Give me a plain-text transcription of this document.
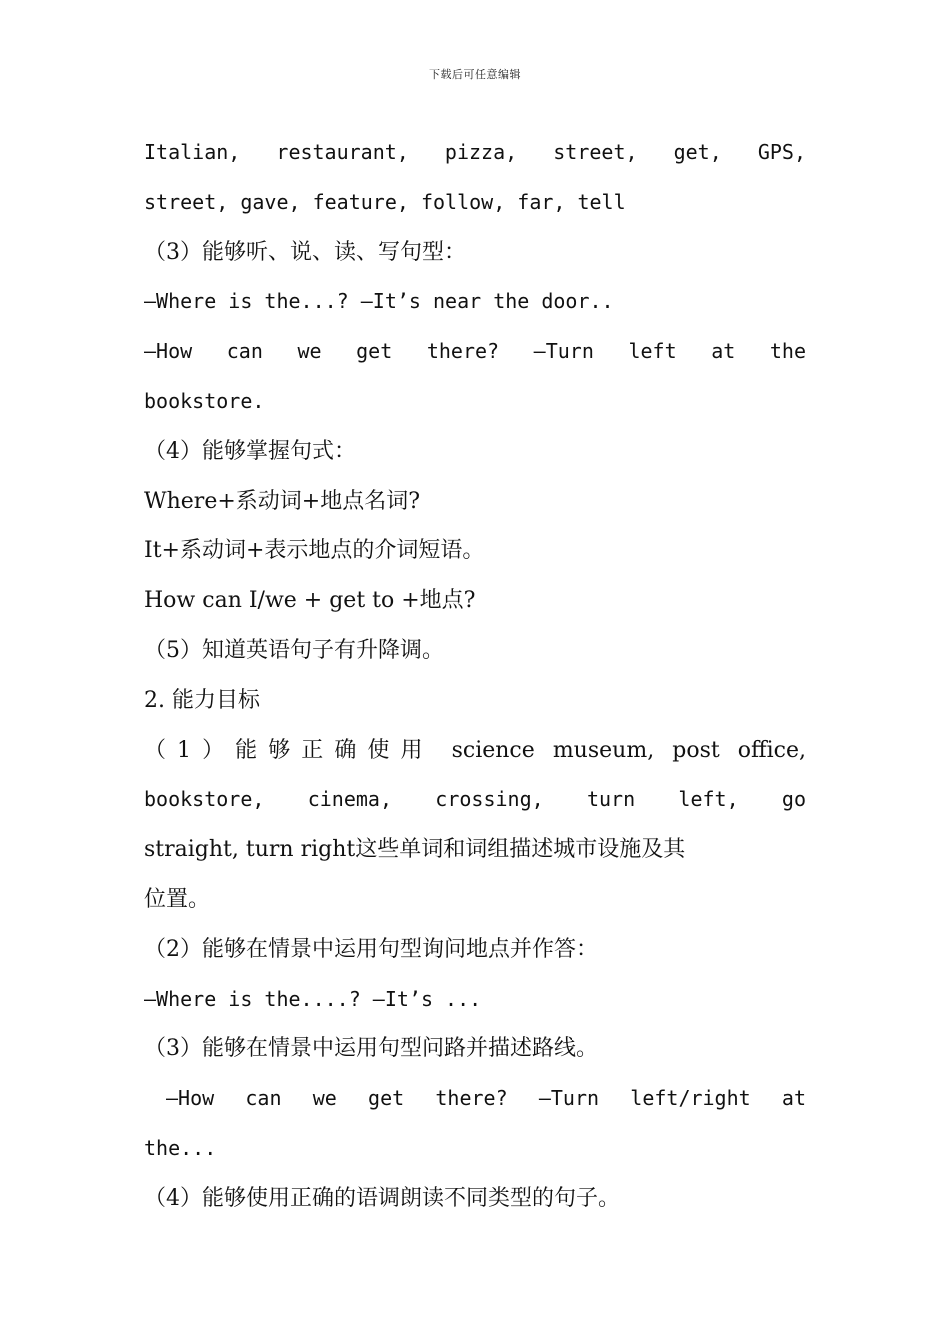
下载后可任意编辑
Italian, restaurant, pizza, street, get, GPS,
street, gave, feature, follow, far, tell
（3）能够听、说、读、写句型：
—Where is the...? —It’s near the door..
—How can we get there? —Turn left at the
bookstore.
（4）能够掌握句式：
Where+系动词+地点名词?
It+系动词+表示地点的介词短语。
How can I/we + get to +地点?
（5）知道英语句子有升降调。
2. 能力目标
（1）能够正确使用 science museum, post office,
bookstore, cinema, crossing, turn left, go
straight, turn right这些单词和词组描述城市设施及其
位置。
（2）能够在情景中运用句型询问地点并作答：
—Where is the....? —It’s ...
（3）能够在情景中运用句型问路并描述路线。
—How can we get there? —Turn left/right at
the...
（4）能够使用正确的语调朗读不同类型的句子。
